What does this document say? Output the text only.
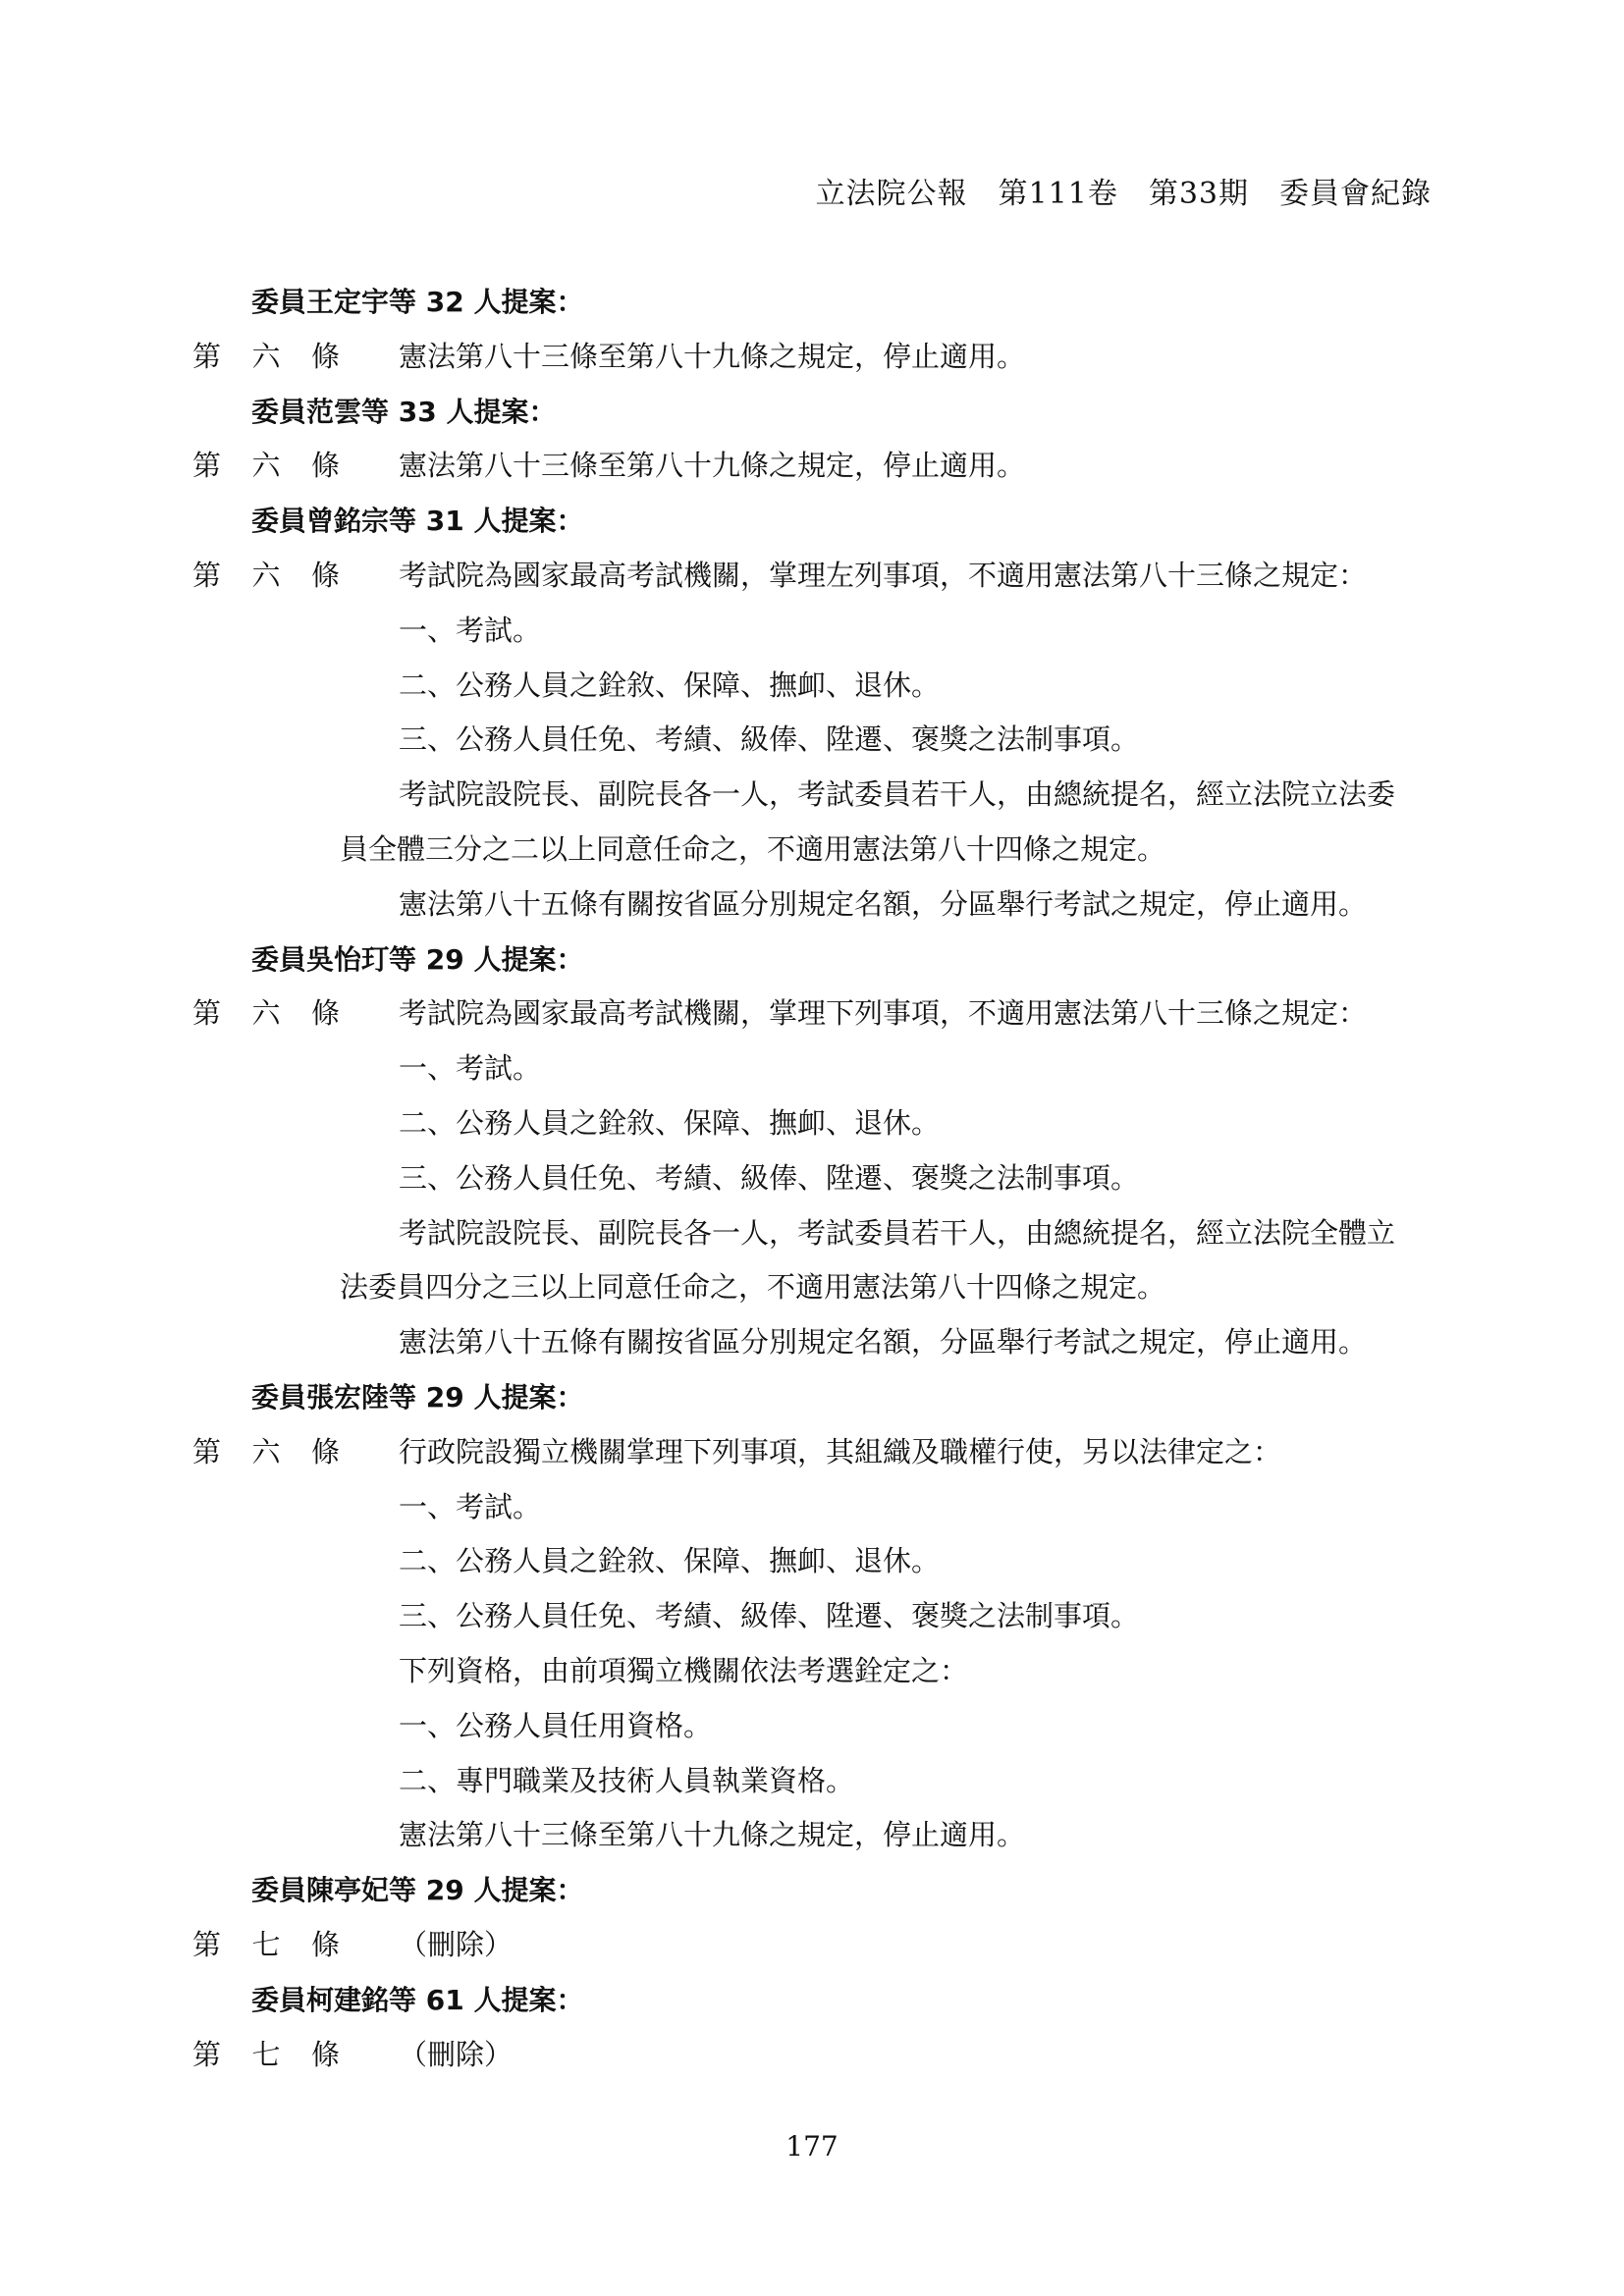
立法院公報　第111卷　第33期　委員會紀錄
委員王定宇等 32 人提案：
第 六 條 憲法第八十三條至第八十九條之規定，停止適用。
委員范雲等 33 人提案：
第 六 條 憲法第八十三條至第八十九條之規定，停止適用。
委員曾銘宗等 31 人提案：
第 六 條 考試院為國家最高考試機關，掌理左列事項，不適用憲法第八十三條之規定：
一、考試。
二、公務人員之銓敘、保障、撫卹、退休。
三、公務人員任免、考績、級俸、陞遷、褒獎之法制事項。
考試院設院長、副院長各一人，考試委員若干人，由總統提名，經立法院立法委
員全體三分之二以上同意任命之，不適用憲法第八十四條之規定。
憲法第八十五條有關按省區分別規定名額，分區舉行考試之規定，停止適用。
委員吳怡玎等 29 人提案：
第 六 條 考試院為國家最高考試機關，掌理下列事項，不適用憲法第八十三條之規定：
一、考試。
二、公務人員之銓敘、保障、撫卹、退休。
三、公務人員任免、考績、級俸、陞遷、褒獎之法制事項。
考試院設院長、副院長各一人，考試委員若干人，由總統提名，經立法院全體立
法委員四分之三以上同意任命之，不適用憲法第八十四條之規定。
憲法第八十五條有關按省區分別規定名額，分區舉行考試之規定，停止適用。
委員張宏陸等 29 人提案：
第 六 條 行政院設獨立機關掌理下列事項，其組織及職權行使，另以法律定之：
一、考試。
二、公務人員之銓敘、保障、撫卹、退休。
三、公務人員任免、考績、級俸、陞遷、褒獎之法制事項。
下列資格，由前項獨立機關依法考選銓定之：
一、公務人員任用資格。
二、專門職業及技術人員執業資格。
憲法第八十三條至第八十九條之規定，停止適用。
委員陳亭妃等 29 人提案：
第 七 條 （刪除）
委員柯建銘等 61 人提案：
第 七 條 （刪除）
177
